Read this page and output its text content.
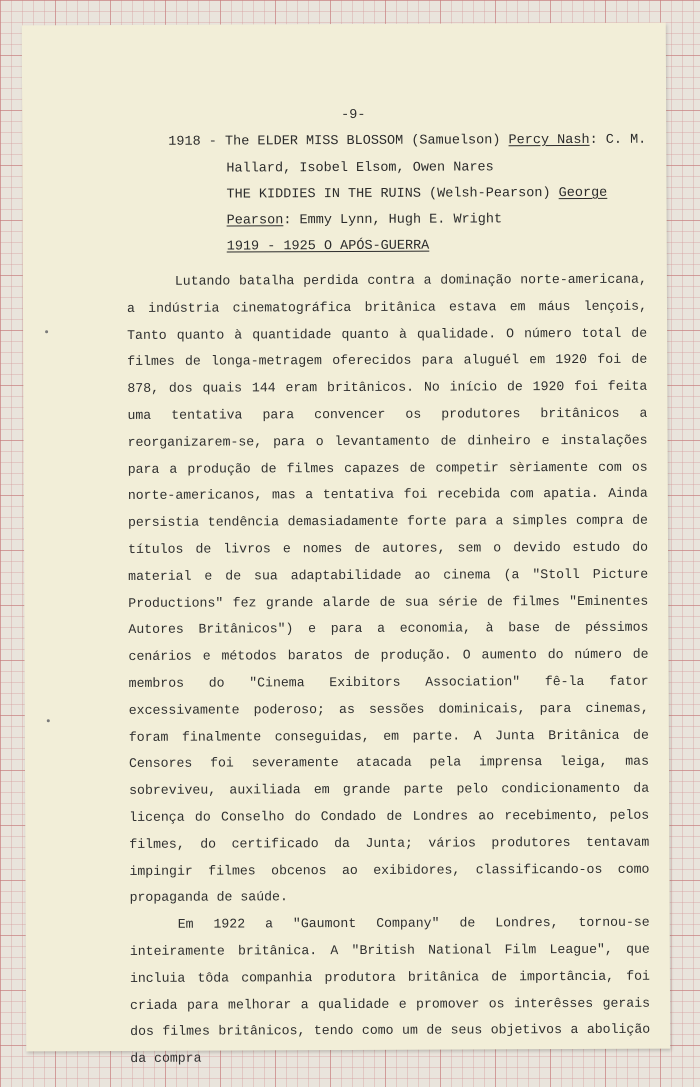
-9-
1918 - The ELDER MISS BLOSSOM (Samuelson) Percy Nash: C. M.
Hallard, Isobel Elsom, Owen Nares
THE KIDDIES IN THE RUINS (Welsh-Pearson) George
Pearson: Emmy Lynn, Hugh E. Wright
1919 - 1925 O APÓS-GUERRA

Lutando batalha perdida contra a dominação norte-americana, a indústria cinematográfica britânica estava em máus lençois, Tanto quanto à quantidade quanto à qualidade. O número total de filmes de longa-metragem oferecidos para aluguél em 1920 foi de 878, dos quais 144 eram britânicos. No início de 1920 foi feita uma tentativa para convencer os produtores britânicos a reorganizarem-se, para o levantamento de dinheiro e instalações para a produção de filmes capazes de competir sèriamente com os norte-americanos, mas a tentativa foi recebida com apatia. Ainda persistia tendência demasiadamente forte para a simples compra de títulos de livros e nomes de autores, sem o devido estudo do material e de sua adaptabilidade ao cinema (a "Stoll Picture Productions" fez grande alarde de sua série de filmes "Eminentes Autores Britânicos") e para a economia, à base de péssimos cenários e métodos baratos de produção. O aumento do número de membros do "Cinema Exibitors Association" fê-la fator excessivamente poderoso; as sessões dominicais, para cinemas, foram finalmente conseguidas, em parte. A Junta Britânica de Censores foi severamente atacada pela imprensa leiga, mas sobreviveu, auxiliada em grande parte pelo condicionamento da licença do Conselho do Condado de Londres ao recebimento, pelos filmes, do certificado da Junta; vários produtores tentavam impingir filmes obcenos ao exibidores, classificando-os como propaganda de saúde.

Em 1922 a "Gaumont Company" de Londres, tornou-se inteiramente britânica. A "British National Film League", que incluia tôda companhia produtora britânica de importância, foi criada para melhorar a qualidade e promover os interêsses gerais dos filmes britânicos, tendo como um de seus objetivos a abolição da compra
